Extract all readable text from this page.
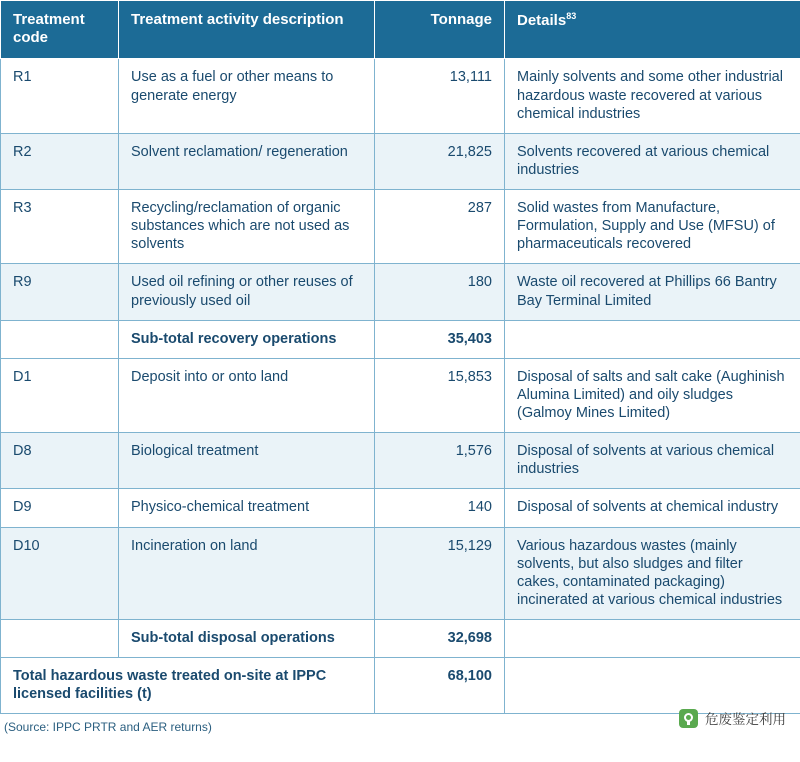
Treatment code	Treatment activity description	Tonnage	Details$^{83}$
R1	Use as a fuel or other means to generate energy	13,111	Mainly solvents and some other industrial hazardous waste recovered at various chemical industries
R2	Solvent reclamation/ regeneration	21,825	Solvents recovered at various chemical industries
R3	Recycling/reclamation of organic substances which are not used as solvents	287	Solid wastes from Manufacture, Formulation, Supply and Use (MFSU) of pharmaceuticals recovered
R9	Used oil refining or other reuses of previously used oil	180	Waste oil recovered at Phillips 66 Bantry Bay Terminal Limited
	Sub-total recovery operations	35,403	
D1	Deposit into or onto land	15,853	Disposal of salts and salt cake (Aughinish Alumina Limited) and oily sludges (Galmoy Mines Limited)
D8	Biological treatment	1,576	Disposal of solvents at various chemical industries
D9	Physico-chemical treatment	140	Disposal of solvents at chemical industry
D10	Incineration on land	15,129	Various hazardous wastes (mainly solvents, but also sludges and filter cakes, contaminated packaging) incinerated at various chemical industries
	Sub-total disposal operations	32,698	
Total hazardous waste treated on-site at IPPC licensed facilities (t)		68,100	
(Source: IPPC PRTR and AER returns)	危废鉴定利用
